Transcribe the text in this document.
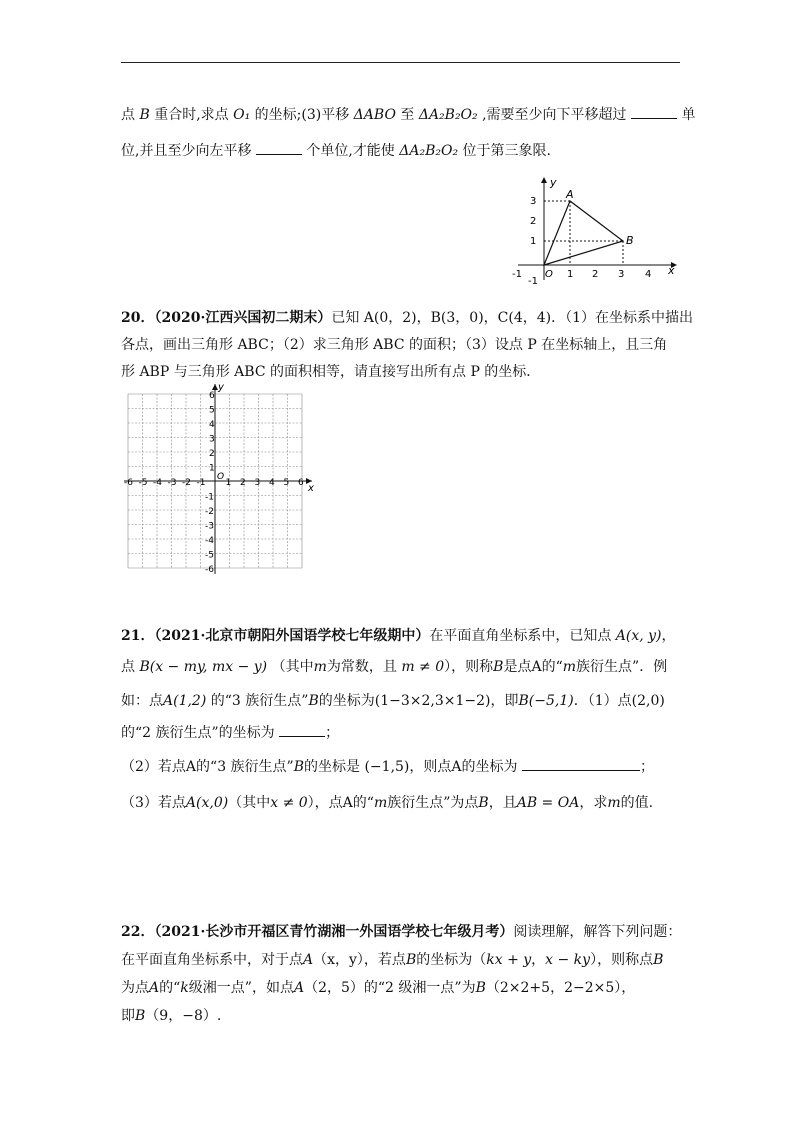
点 B 重合时,求点 O₁ 的坐标;(3)平移 ΔABO 至 ΔA₂B₂O₂ ,需要至少向下平移超过	单
位,并且至少向左平移	个单位,才能使 ΔA₂B₂O₂ 位于第三象限.
y
x
O
-1	1 2 3 4
3
2
1
-1
A
B
20．（2020·江西兴国初二期末）已知 A(0，2)，B(3，0)，C(4，4)．（1）在坐标系中描出
各点，画出三角形 ABC；（2）求三角形 ABC 的面积；（3）设点 P 在坐标轴上，且三角
形 ABP 与三角形 ABC 的面积相等，请直接写出所有点 P 的坐标．
y
x
O
-6 -5 -4 -3 -2 -1 1 2 3 4 5 6
6
5
4
3
2
1
-1
-2
-3
-4
-5
-6
21．（2021·北京市朝阳外国语学校七年级期中）在平面直角坐标系中，已知点 A(x, y)，
点 B(x − my, mx − y) （其中m为常数，且 m ≠ 0），则称B是点A的“m族衍生点”．例
如：点A(1,2) 的“3 族衍生点”B的坐标为(1−3×2,3×1−2)，即B(−5,1)．（1）点(2,0)
的“2 族衍生点”的坐标为	；
（2）若点A的“3 族衍生点”B的坐标是 (−1,5)，则点A的坐标为	；
（3）若点A(x,0)（其中x ≠ 0），点A的“m族衍生点”为点B，且AB = OA，求m的值.
22．（2021·长沙市开福区青竹湖湘一外国语学校七年级月考）阅读理解，解答下列问题：
在平面直角坐标系中，对于点A（x，y），若点B的坐标为（kx + y，x − ky），则称点B
为点A的“k级湘一点”，如点A（2，5）的“2 级湘一点”为B（2×2+5，2−2×5），
即B（9，−8）.
